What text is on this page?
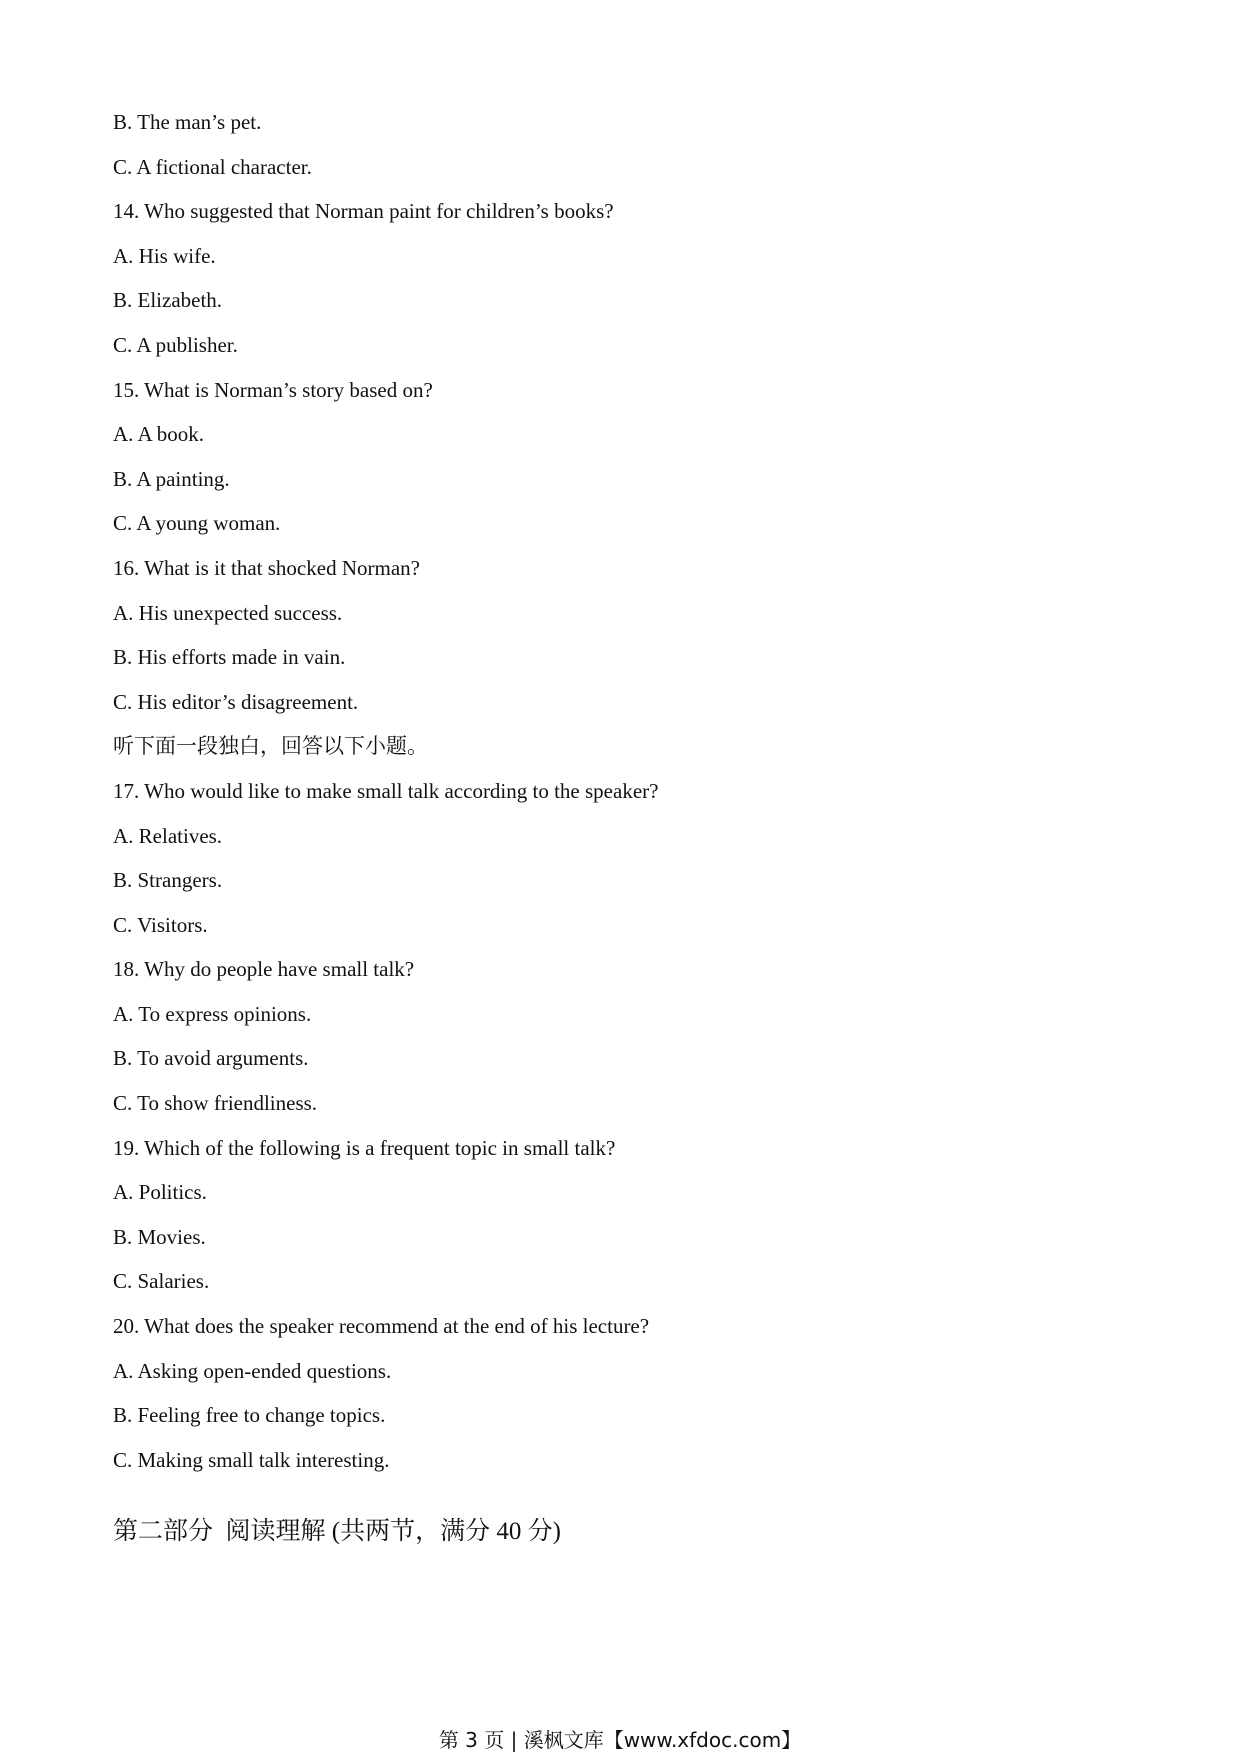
B. The man’s pet.
C. A fictional character.
14. Who suggested that Norman paint for children’s books?
A. His wife.
B. Elizabeth.
C. A publisher.
15. What is Norman’s story based on?
A. A book.
B. A painting.
C. A young woman.
16. What is it that shocked Norman?
A. His unexpected success.
B. His efforts made in vain.
C. His editor’s disagreement.
听下面一段独白，回答以下小题。
17. Who would like to make small talk according to the speaker?
A. Relatives.
B. Strangers.
C. Visitors.
18. Why do people have small talk?
A. To express opinions.
B. To avoid arguments.
C. To show friendliness.
19. Which of the following is a frequent topic in small talk?
A. Politics.
B. Movies.
C. Salaries.
20. What does the speaker recommend at the end of his lecture?
A. Asking open-ended questions.
B. Feeling free to change topics.
C. Making small talk interesting.
第二部分  阅读理解 (共两节，满分 40 分)
第 3 页 | 溪枫文库【www.xfdoc.com】
